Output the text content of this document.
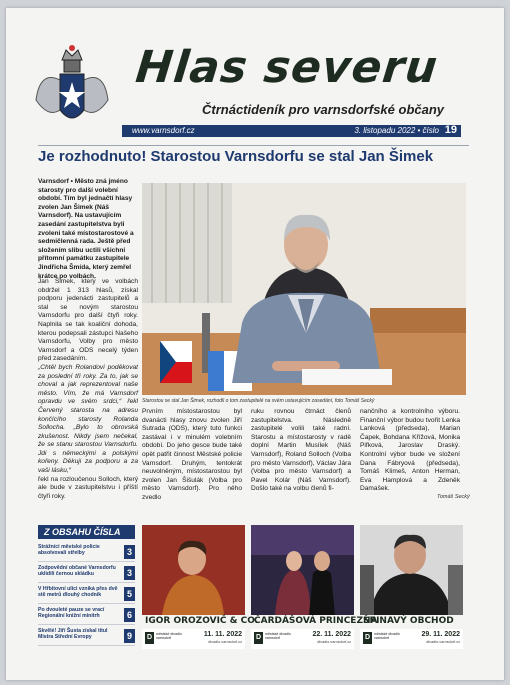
Hlas severu
Čtrnáctideník pro varnsdorfské občany
www.varnsdorf.cz	3. listopadu 2022 • číslo 19
Je rozhodnuto! Starostou Varnsdorfu se stal Jan Šimek
Varnsdorf • Město zná jméno starosty pro další volební období. Tím byl jednačtí hlasy zvolen Jan Šimek (Náš Varnsdorf). Na ustavujícím zasedání zastupitelstva byli zvoleni také místostarostové a sedmičlenná rada. Ještě před složením slibu uctili všichni přítomní památku zastupitele Jindřicha Šmída, který zemřel krátce po volbách.

Jan Šimek, který ve volbách obdržel 1 313 hlasů, získal podporu jedenácti zastupitelů a stal se novým starostou Varnsdorfu pro další čtyři roky. Naplnila se tak koaliční dohoda, kterou podepsali zástupci Našeho Varnsdorfu, Volby pro město Varnsdorf a ODS necelý týden před zasedáním.

„Chtěl bych Rolandovi poděkovat za poslední tři roky. Za to, jak se choval a jak reprezentoval naše město. Vím, že má Varnsdorf opravdu ve svém srdci,“ řekl Červený starosta na adresu končícího starosty Rolanda Sollocha. „Bylo to obrovská zkušenost. Nikdy jsem nečekal, že se stanu starostou Varnsdorfu. Jdi s německými a polskými kořeny. Děkuji za podporu a za vaši lásku,“

řekl na rozloučenou Solloch, který ale bude v zastupitelstvu i příští čtyři roky.

Starostou se stal Jan Šimek, rozhodli o tom zastupitelé na svém ustavujícím zasedání, foto Tomáš Secký
Prvním místostarostou byl dvanácti hlasy znovu zvolen Jiří Sutrada (ODS), který tuto funkci zastával i v minulém volebním období. Do jeho gesce bude také opět patřit činnost Městské policie Varnsdorf. Druhým, tentokrát neuvolněným, místostarostou byl zvolen Jan Šišulák (Volba pro město Varnsdorf). Pro něho zvedlo
ruku rovnou čtrnáct členů zastupitelstva. Následně zastupitelé volili také radní. Starostu a místostarosty v radě doplní Martin Musílek (Náš Varnsdorf), Roland Solloch (Volba pro město Varnsdorf), Václav Jára (Volba pro město Varnsdorf) a Pavel Kolár (Náš Varnsdorf). Došlo také na volbu členů fi-
nančního a kontrolního výboru. Finanční výbor budou tvořit Lenka Lanková (předseda), Marian Čapek, Bohdana Křížová, Monika Pifková, Jaroslav Draský. Kontrolní výbor bude ve složení Dana Fábryová (předseda), Tomáš Klimeš, Anton Herman, Eva Hamplová a Zdeněk Damašek.
Tomáš Secký
Z OBSAHU ČÍSLA
Strážníci městské policie absolvovali střelby	3
Zodpovědní občané Varnsdorfu uklidili černou skládku	3
V Hřbitovní ulici vzniká přes dvě stě metrů dlouhý chodník	5
Po dvouleté pauze se vrací Regionální knižní minitrh	6
Skvělé! Jiří Šusta získal titul Mistra Střední Evropy	9
IGOR OROZOVIČ & CO.
D	městské divadlo varnsdorf
11. 11. 2022
divadlo.varnsdorf.cz
ČARDÁŠOVÁ PRINCEZNA
D	městské divadlo varnsdorf
22. 11. 2022
divadlo.varnsdorf.cz
ŠPINAVÝ OBCHOD
D	městské divadlo varnsdorf
29. 11. 2022
divadlo.varnsdorf.cz
